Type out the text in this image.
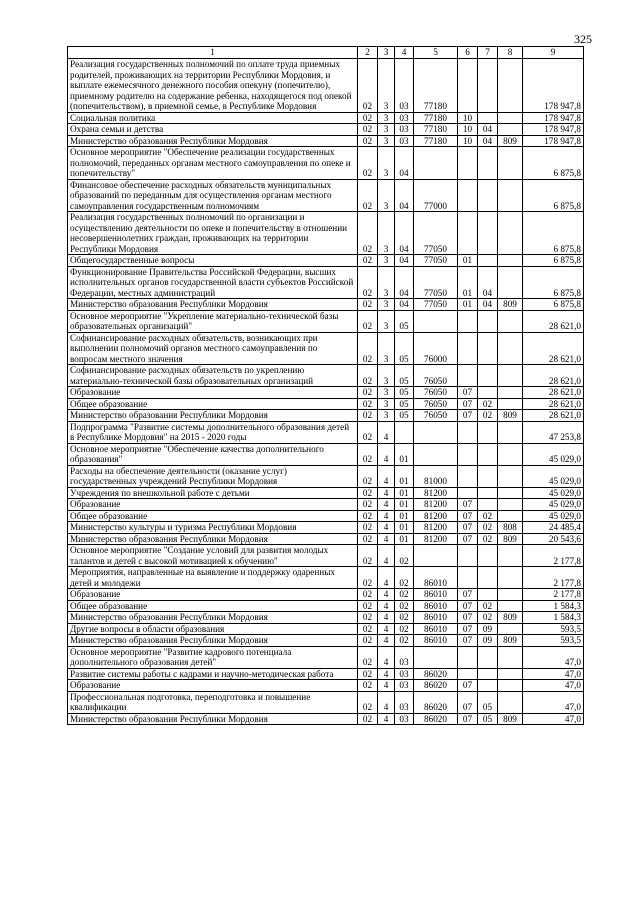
325
1	2	3	4	5	6	7	8	9
Реализация государственных полномочий по оплате труда приемных родителей, проживающих на территории Республики Мордовия, и выплате ежемесячного денежного пособия опекуну (попечителю), приемному родителю на содержание ребенка, находящегося под опекой (попечительством), в приемной семье, в Республике Мордовия	02	3	03	77180				178 947,8
Социальная политика	02	3	03	77180	10			178 947,8
Охрана семьи и детства	02	3	03	77180	10	04		178 947,8
Министерство образования Республики Мордовия	02	3	03	77180	10	04	809	178 947,8
Основное мероприятие "Обеспечение реализации государственных полномочий, переданных органам местного самоуправления по опеке и попечительству"	02	3	04					6 875,8
Финансовое обеспечение расходных обязательств муниципальных образований по переданным для осуществления органам местного самоуправления государственным полномочиям	02	3	04	77000				6 875,8
Реализация государственных полномочий по организации и осуществлению деятельности по опеке и попечительству в отношении несовершеннолетних граждан, проживающих на территории Республики Мордовия	02	3	04	77050				6 875,8
Общегосударственные вопросы	02	3	04	77050	01			6 875,8
Функционирование Правительства Российской Федерации, высших исполнительных органов государственной власти субъектов Российской Федерации, местных администраций	02	3	04	77050	01	04		6 875,8
Министерство образования Республики Мордовия	02	3	04	77050	01	04	809	6 875,8
Основное мероприятие "Укрепление материально-технической базы образовательных организаций"	02	3	05					28 621,0
Софинансирование расходных обязательств, возникающих при выполнении полномочий органов местного самоуправления по вопросам местного значения	02	3	05	76000				28 621,0
Софинансирование расходных обязательств по укреплению материально-технической базы образовательных организаций	02	3	05	76050				28 621,0
Образование	02	3	05	76050	07			28 621,0
Общее образование	02	3	05	76050	07	02		28 621,0
Министерство образования Республики Мордовия	02	3	05	76050	07	02	809	28 621,0
Подпрограмма "Развитие системы дополнительного образования детей в Республике Мордовия" на 2015 - 2020 годы	02	4						47 253,8
Основное мероприятие "Обеспечение качества дополнительного образования"	02	4	01					45 029,0
Расходы на обеспечение деятельности (оказание услуг) государственных учреждений Республики Мордовия	02	4	01	81000				45 029,0
Учреждения по внешкольной работе с детьми	02	4	01	81200				45 029,0
Образование	02	4	01	81200	07			45 029,0
Общее образование	02	4	01	81200	07	02		45 029,0
Министерство культуры и туризма Республики Мордовия	02	4	01	81200	07	02	808	24 485,4
Министерство образования Республики Мордовия	02	4	01	81200	07	02	809	20 543,6
Основное мероприятие "Создание условий для развития молодых талантов и детей с высокой мотивацией к обучению"	02	4	02					2 177,8
Мероприятия, направленные на выявление и поддержку одаренных детей и молодежи	02	4	02	86010				2 177,8
Образование	02	4	02	86010	07			2 177,8
Общее образование	02	4	02	86010	07	02		1 584,3
Министерство образования Республики Мордовия	02	4	02	86010	07	02	809	1 584,3
Другие вопросы в области образования	02	4	02	86010	07	09		593,5
Министерство образования Республики Мордовия	02	4	02	86010	07	09	809	593,5
Основное мероприятие "Развитие кадрового потенциала дополнительного образования детей"	02	4	03					47,0
Развитие системы работы с кадрами и научно-методическая работа	02	4	03	86020				47,0
Образование	02	4	03	86020	07			47,0
Профессиональная подготовка, переподготовка и повышение квалификации	02	4	03	86020	07	05		47,0
Министерство образования Республики Мордовия	02	4	03	86020	07	05	809	47,0
